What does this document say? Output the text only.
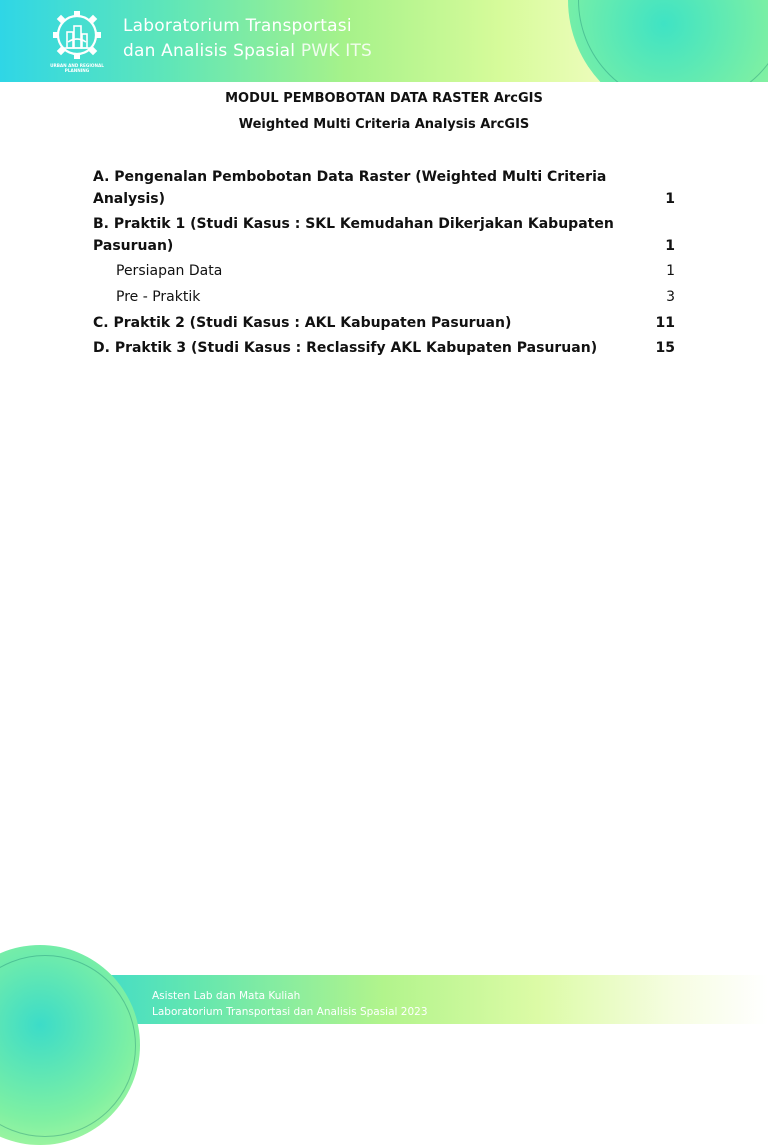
URBAN AND REGIONAL
PLANNING
Laboratorium Transportasi
dan Analisis Spasial PWK ITS
MODUL PEMBOBOTAN DATA RASTER ArcGIS
Weighted Multi Criteria Analysis ArcGIS
A. Pengenalan Pembobotan Data Raster (Weighted Multi Criteria Analysis)	1
B. Praktik 1 (Studi Kasus : SKL Kemudahan Dikerjakan Kabupaten Pasuruan)	1
Persiapan Data	1
Pre - Praktik	3
C. Praktik 2 (Studi Kasus : AKL Kabupaten Pasuruan)	11
D. Praktik 3 (Studi Kasus : Reclassify AKL Kabupaten Pasuruan)	15
Asisten Lab dan Mata Kuliah
Laboratorium Transportasi dan Analisis Spasial 2023
